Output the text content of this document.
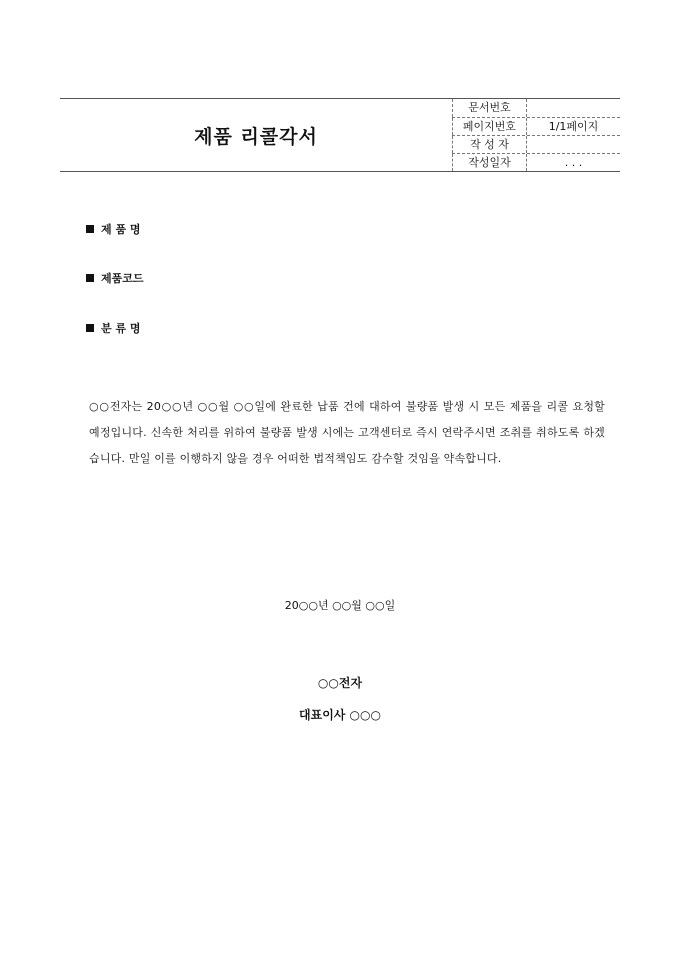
제품 리콜각서
문서번호
페이지번호	1/1페이지
작 성 자
작성일자	. . .
제 품 명
제품코드
분 류 명
○○전자는 20○○년 ○○월 ○○일에 완료한 납품 건에 대하여 불량품 발생 시 모든 제품을 리콜 요청할 예정입니다. 신속한 처리를 위하여 불량품 발생 시에는 고객센터로 즉시 연락주시면 조취를 취하도록 하겠습니다. 만일 이를 이행하지 않을 경우 어떠한 법적책임도 감수할 것임을 약속합니다.
20○○년 ○○월 ○○일
○○전자
대표이사 ○○○
